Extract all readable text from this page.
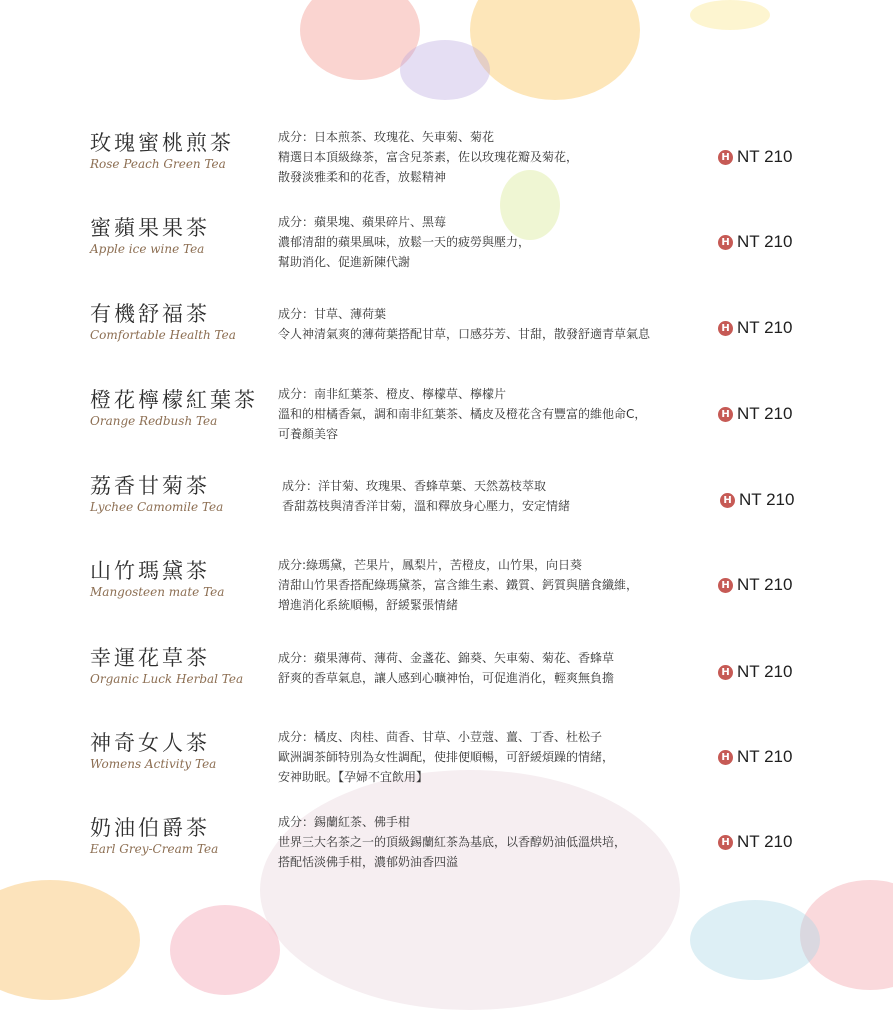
玫瑰蜜桃煎茶
Rose Peach Green Tea
成分：日本煎茶、玫瑰花、矢車菊、菊花
精選日本頂級綠茶，富含兒茶素，佐以玫瑰花瓣及菊花，
散發淡雅柔和的花香，放鬆精神
H NT 210
蜜蘋果果茶
Apple ice wine Tea
成分：蘋果塊、蘋果碎片、黑莓
濃郁清甜的蘋果風味，放鬆一天的疲勞與壓力，
幫助消化、促進新陳代謝
H NT 210
有機舒福茶
Comfortable Health Tea
成分：甘草、薄荷葉
令人神清氣爽的薄荷葉搭配甘草，口感芬芳、甘甜，散發舒適青草氣息	H NT 210
橙花檸檬紅葉茶
Orange Redbush Tea
成分：南非紅葉茶、橙皮、檸檬草、檸檬片
溫和的柑橘香氣，調和南非紅葉茶、橘皮及橙花含有豐富的維他命C，
可養顏美容
H NT 210
荔香甘菊茶
Lychee Camomile Tea
成分：洋甘菊、玫瑰果、香蜂草葉、天然荔枝萃取
香甜荔枝與清香洋甘菊，溫和釋放身心壓力，安定情緒	H NT 210
山竹瑪黛茶
Mangosteen mate Tea
成分:綠瑪黛，芒果片，鳳梨片，苦橙皮，山竹果，向日葵
清甜山竹果香搭配綠瑪黛茶，富含維生素、鐵質、鈣質與膳食纖維，
增進消化系統順暢，舒緩緊張情緒
H NT 210
幸運花草茶
Organic Luck Herbal Tea
成分：蘋果薄荷、薄荷、金盞花、錦葵、矢車菊、菊花、香蜂草
舒爽的香草氣息，讓人感到心曠神怡，可促進消化，輕爽無負擔	H NT 210
神奇女人茶
Womens Activity Tea
成分：橘皮、肉桂、茴香、甘草、小荳蔻、薑、丁香、杜松子
歐洲調茶師特別為女性調配，使排便順暢，可舒緩煩躁的情緒，
安神助眠。【孕婦不宜飲用】
H NT 210
奶油伯爵茶
Earl Grey-Cream Tea
成分：錫蘭紅茶、佛手柑
世界三大名茶之一的頂級錫蘭紅茶為基底，以香醇奶油低溫烘培，
搭配恬淡佛手柑，濃郁奶油香四溢
H NT 210
